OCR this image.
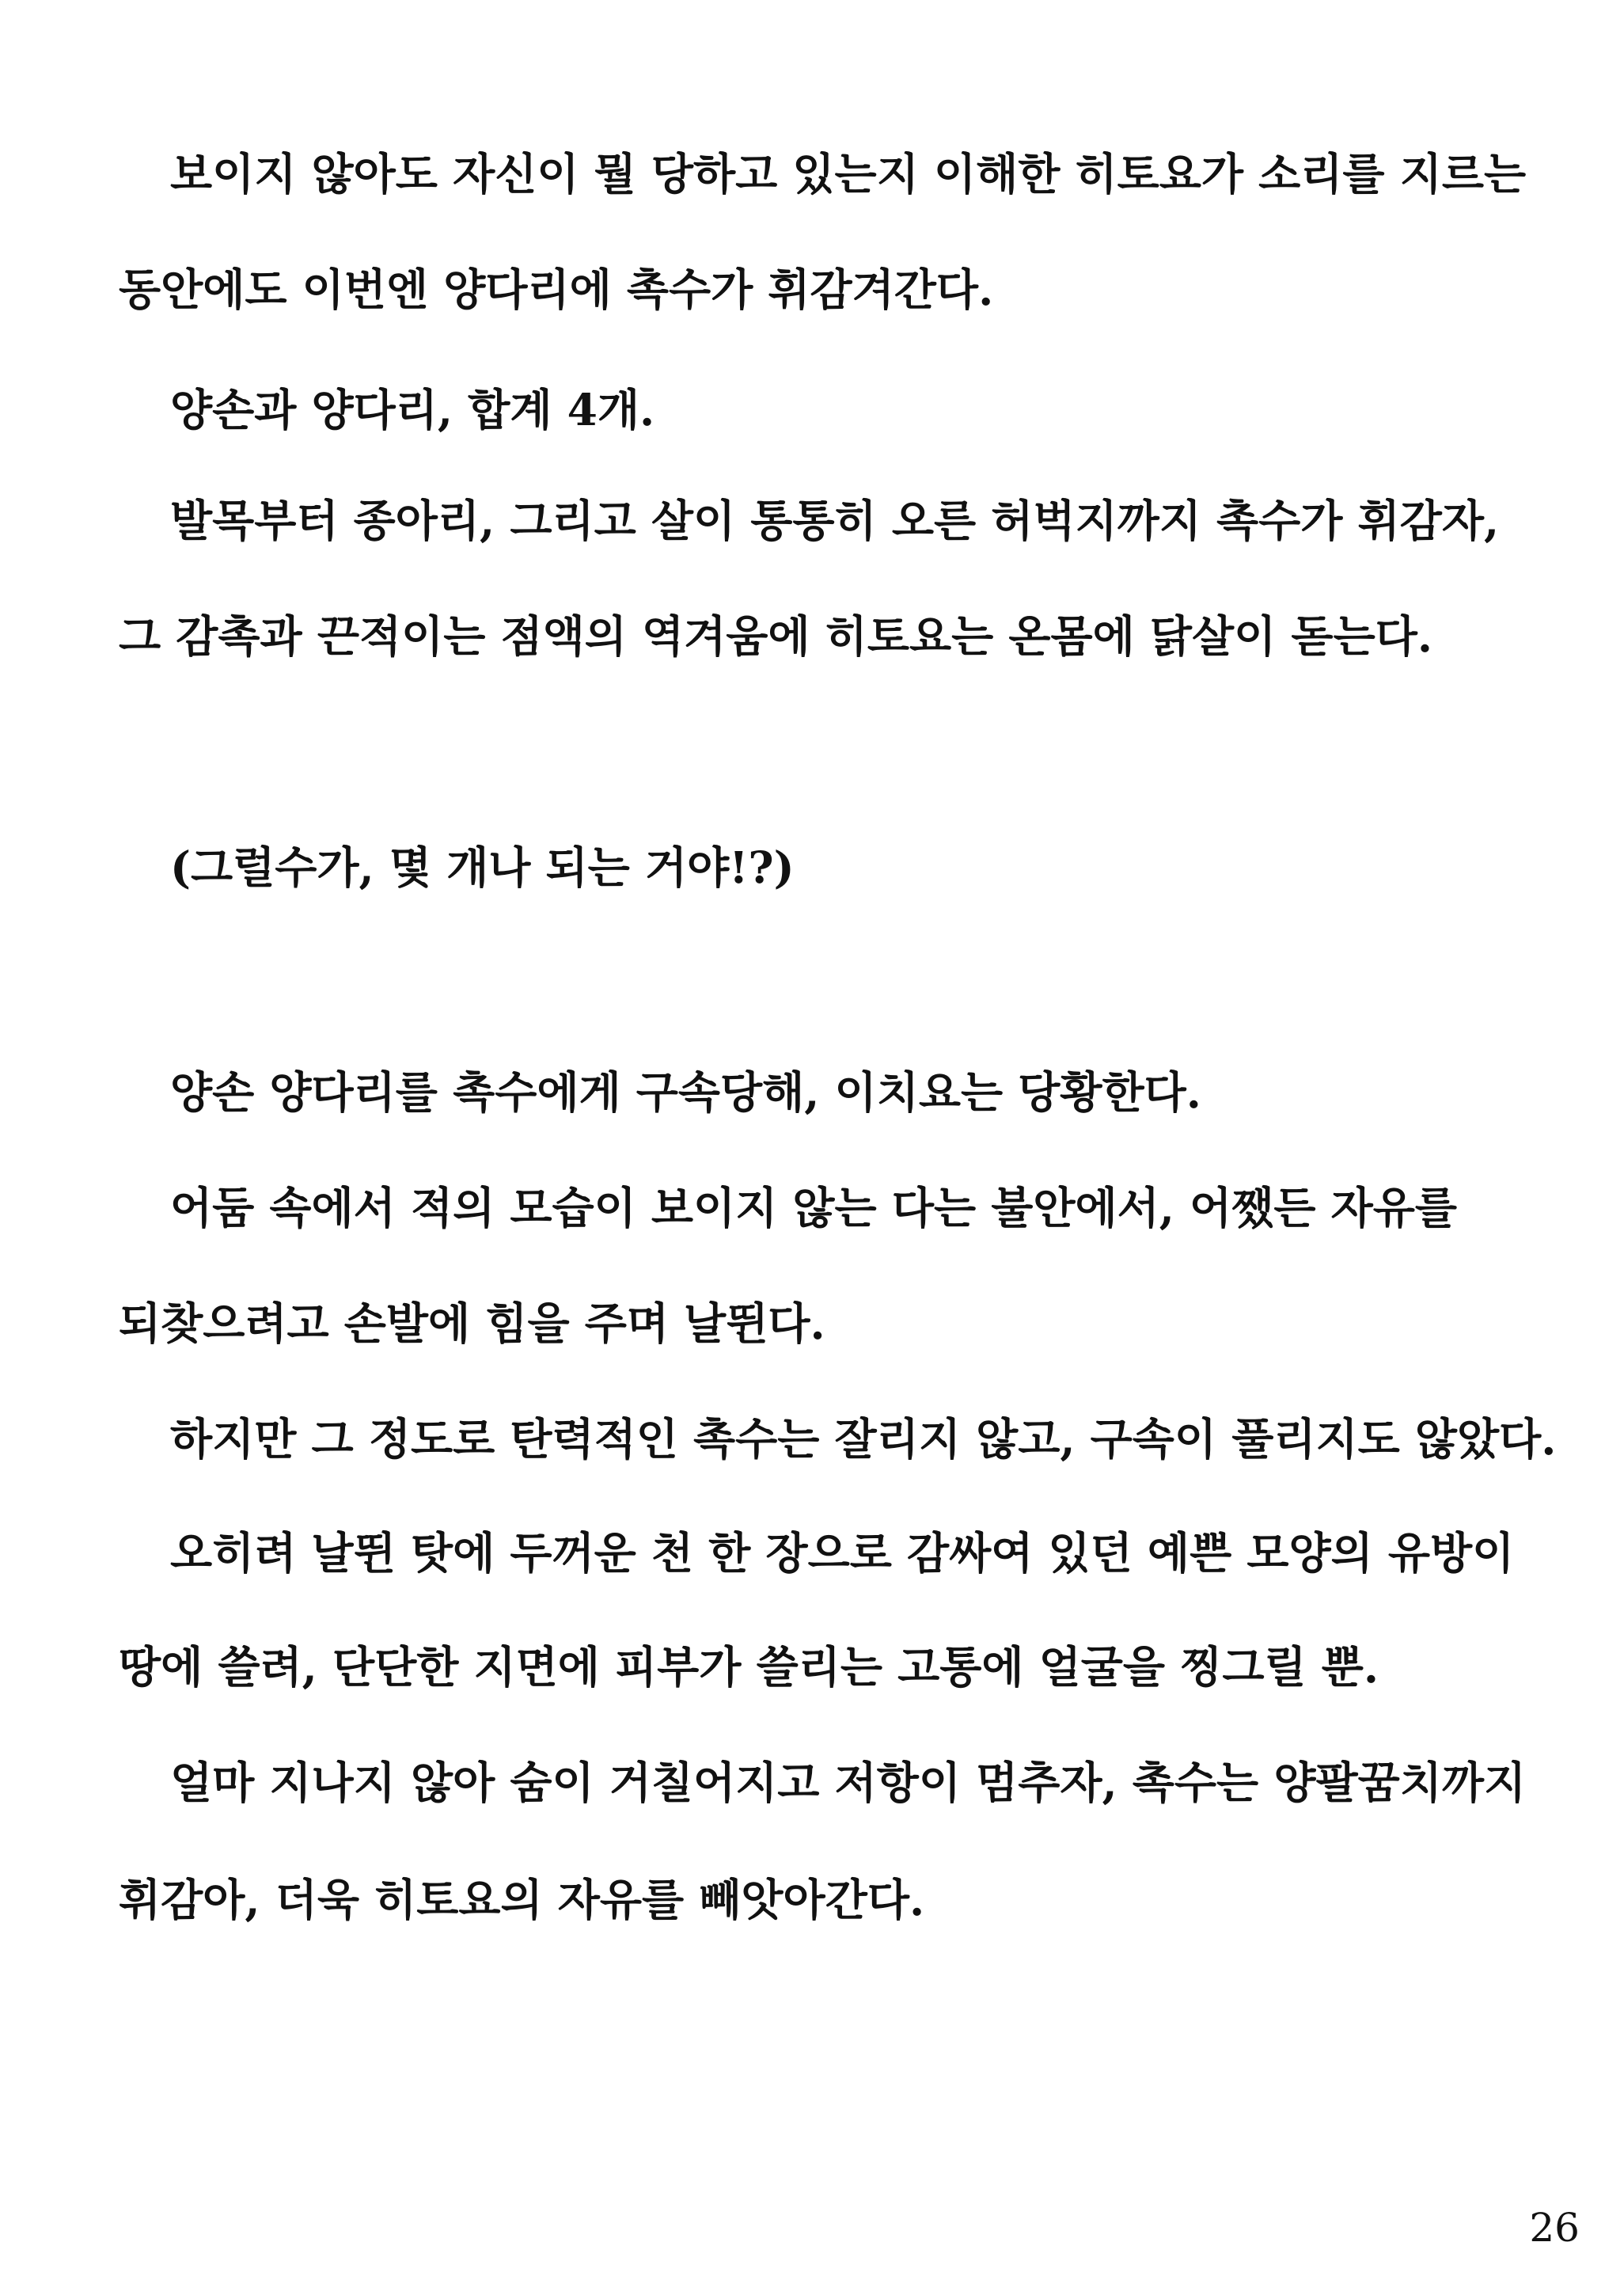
보이지 않아도 자신이 뭘 당하고 있는지 이해한 히토요가 소리를 지르는
동안에도 이번엔 양다리에 촉수가 휘감겨간다.
양손과 양다리, 합계 4개.
발목부터 종아리, 그리고 살이 통통히 오른 허벅지까지 촉수가 휘감자,
그 감촉과 끈적이는 점액의 역겨움에 히토요는 온몸에 닭살이 돋는다.
(그럴수가, 몇 개나 되는 거야!?)
양손 양다리를 촉수에게 구속당해, 이치요는 당황한다.
어둠 속에서 적의 모습이 보이지 않는 다는 불안에서, 어쨌든 자유를
되찾으려고 손발에 힘을 주며 날뛴다.
하지만 그 정도로 탄력적인 촉수는 잘리지 않고, 구속이 풀리지도 않았다.
오히려 날뛴 탓에 두꺼운 천 한 장으로 감싸여 있던 예쁜 모양의 유방이
땅에 쓸려, 단단한 지면에 피부가 쓸리는 고통에 얼굴을 찡그릴 뿐.
얼마 지나지 않아 숨이 거칠어지고 저항이 멈추자, 촉수는 양팔꿈치까지
휘감아, 더욱 히토요의 자유를 빼앗아간다.
26
